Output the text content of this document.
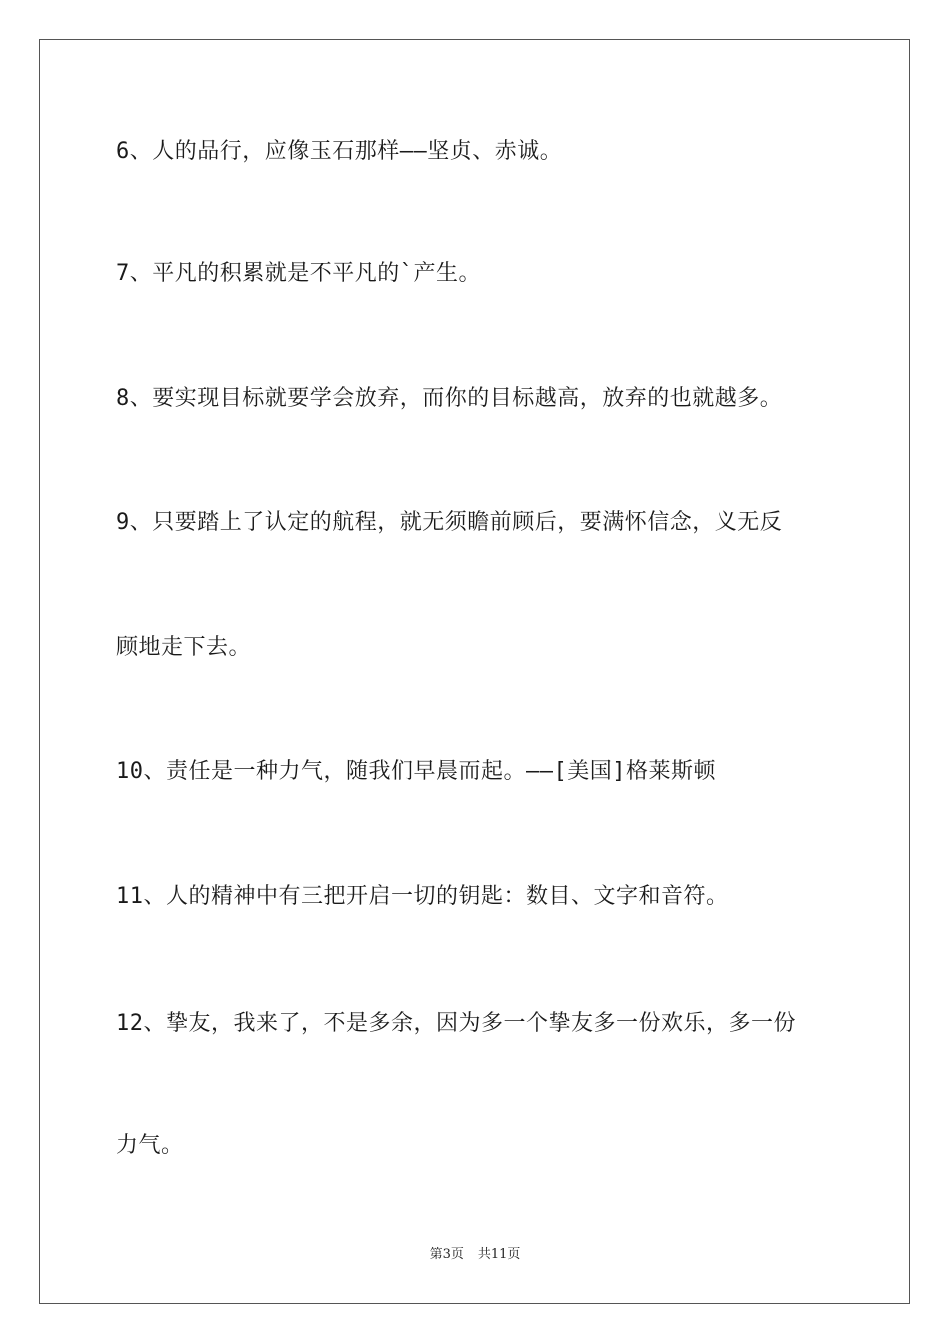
6、人的品行，应像玉石那样——坚贞、赤诚。
7、平凡的积累就是不平凡的`产生。
8、要实现目标就要学会放弃，而你的目标越高，放弃的也就越多。
9、只要踏上了认定的航程，就无须瞻前顾后，要满怀信念，义无反
顾地走下去。
10、责任是一种力气，随我们早晨而起。——[美国]格莱斯顿
11、人的精神中有三把开启一切的钥匙：数目、文字和音符。
12、挚友，我来了，不是多余，因为多一个挚友多一份欢乐，多一份
力气。
第3页 共11页
